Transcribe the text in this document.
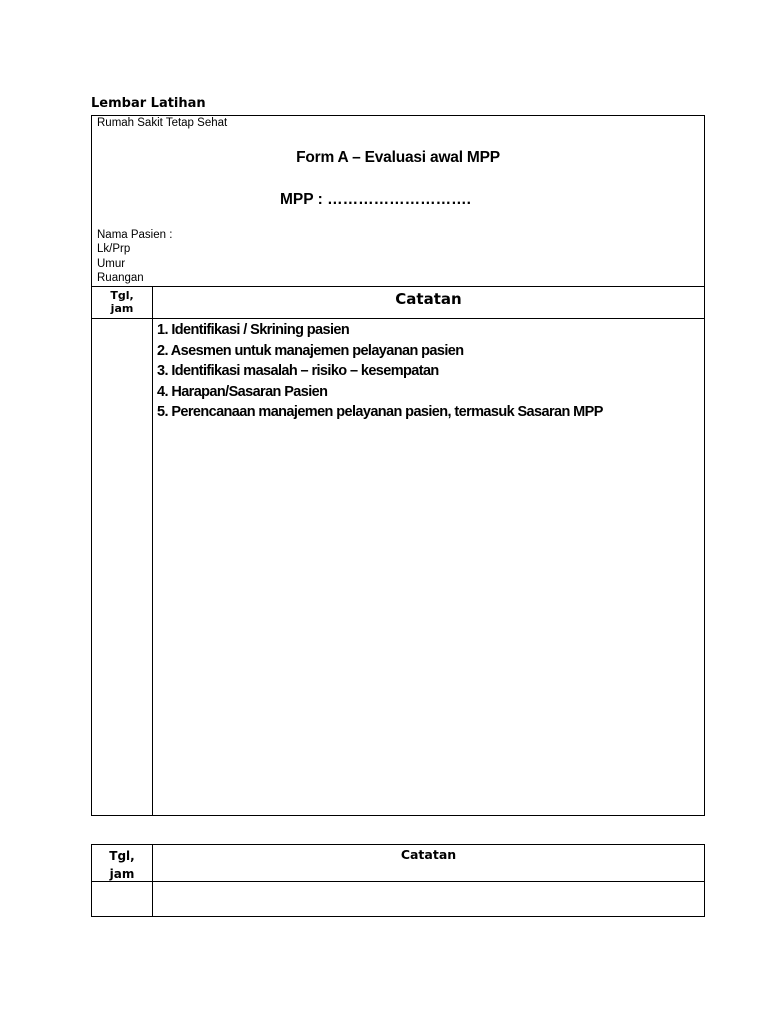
Lembar Latihan
Rumah Sakit Tetap Sehat
Form A – Evaluasi awal MPP
MPP : ……………………….
Nama Pasien :
Lk/Prp
Umur
Ruangan
Tgl,
jam
Catatan
1. Identifikasi / Skrining pasien
2. Asesmen untuk manajemen pelayanan pasien
3. Identifikasi masalah – risiko – kesempatan
4. Harapan/Sasaran Pasien
5. Perencanaan manajemen pelayanan pasien, termasuk Sasaran MPP
Tgl,
jam
Catatan
